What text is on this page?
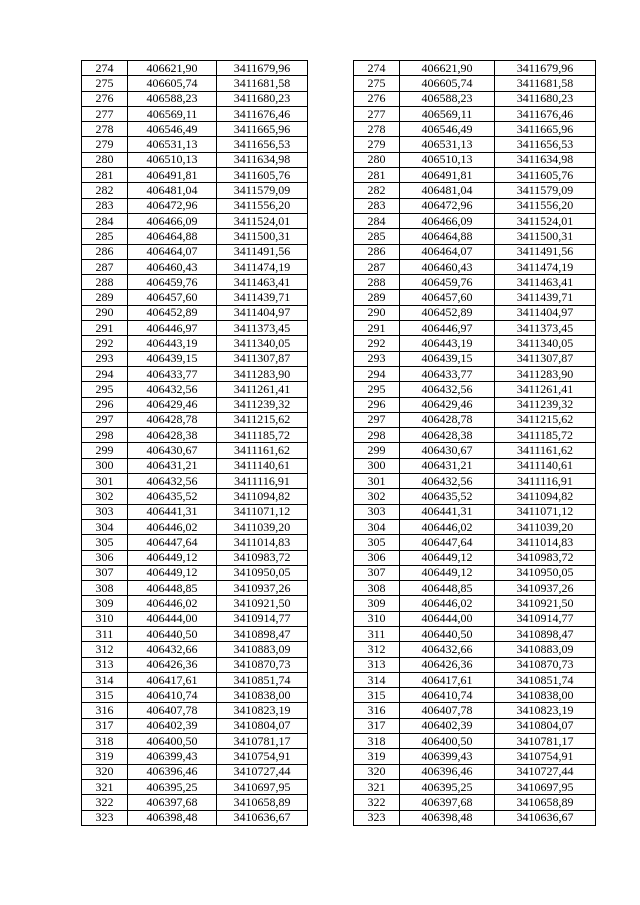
274	406621,90	3411679,96		274	406621,90	3411679,96
275	406605,74	3411681,58		275	406605,74	3411681,58
276	406588,23	3411680,23		276	406588,23	3411680,23
277	406569,11	3411676,46		277	406569,11	3411676,46
278	406546,49	3411665,96		278	406546,49	3411665,96
279	406531,13	3411656,53		279	406531,13	3411656,53
280	406510,13	3411634,98		280	406510,13	3411634,98
281	406491,81	3411605,76		281	406491,81	3411605,76
282	406481,04	3411579,09		282	406481,04	3411579,09
283	406472,96	3411556,20		283	406472,96	3411556,20
284	406466,09	3411524,01		284	406466,09	3411524,01
285	406464,88	3411500,31		285	406464,88	3411500,31
286	406464,07	3411491,56		286	406464,07	3411491,56
287	406460,43	3411474,19		287	406460,43	3411474,19
288	406459,76	3411463,41		288	406459,76	3411463,41
289	406457,60	3411439,71		289	406457,60	3411439,71
290	406452,89	3411404,97		290	406452,89	3411404,97
291	406446,97	3411373,45		291	406446,97	3411373,45
292	406443,19	3411340,05		292	406443,19	3411340,05
293	406439,15	3411307,87		293	406439,15	3411307,87
294	406433,77	3411283,90		294	406433,77	3411283,90
295	406432,56	3411261,41		295	406432,56	3411261,41
296	406429,46	3411239,32		296	406429,46	3411239,32
297	406428,78	3411215,62		297	406428,78	3411215,62
298	406428,38	3411185,72		298	406428,38	3411185,72
299	406430,67	3411161,62		299	406430,67	3411161,62
300	406431,21	3411140,61		300	406431,21	3411140,61
301	406432,56	3411116,91		301	406432,56	3411116,91
302	406435,52	3411094,82		302	406435,52	3411094,82
303	406441,31	3411071,12		303	406441,31	3411071,12
304	406446,02	3411039,20		304	406446,02	3411039,20
305	406447,64	3411014,83		305	406447,64	3411014,83
306	406449,12	3410983,72		306	406449,12	3410983,72
307	406449,12	3410950,05		307	406449,12	3410950,05
308	406448,85	3410937,26		308	406448,85	3410937,26
309	406446,02	3410921,50		309	406446,02	3410921,50
310	406444,00	3410914,77		310	406444,00	3410914,77
311	406440,50	3410898,47		311	406440,50	3410898,47
312	406432,66	3410883,09		312	406432,66	3410883,09
313	406426,36	3410870,73		313	406426,36	3410870,73
314	406417,61	3410851,74		314	406417,61	3410851,74
315	406410,74	3410838,00		315	406410,74	3410838,00
316	406407,78	3410823,19		316	406407,78	3410823,19
317	406402,39	3410804,07		317	406402,39	3410804,07
318	406400,50	3410781,17		318	406400,50	3410781,17
319	406399,43	3410754,91		319	406399,43	3410754,91
320	406396,46	3410727,44		320	406396,46	3410727,44
321	406395,25	3410697,95		321	406395,25	3410697,95
322	406397,68	3410658,89		322	406397,68	3410658,89
323	406398,48	3410636,67		323	406398,48	3410636,67
